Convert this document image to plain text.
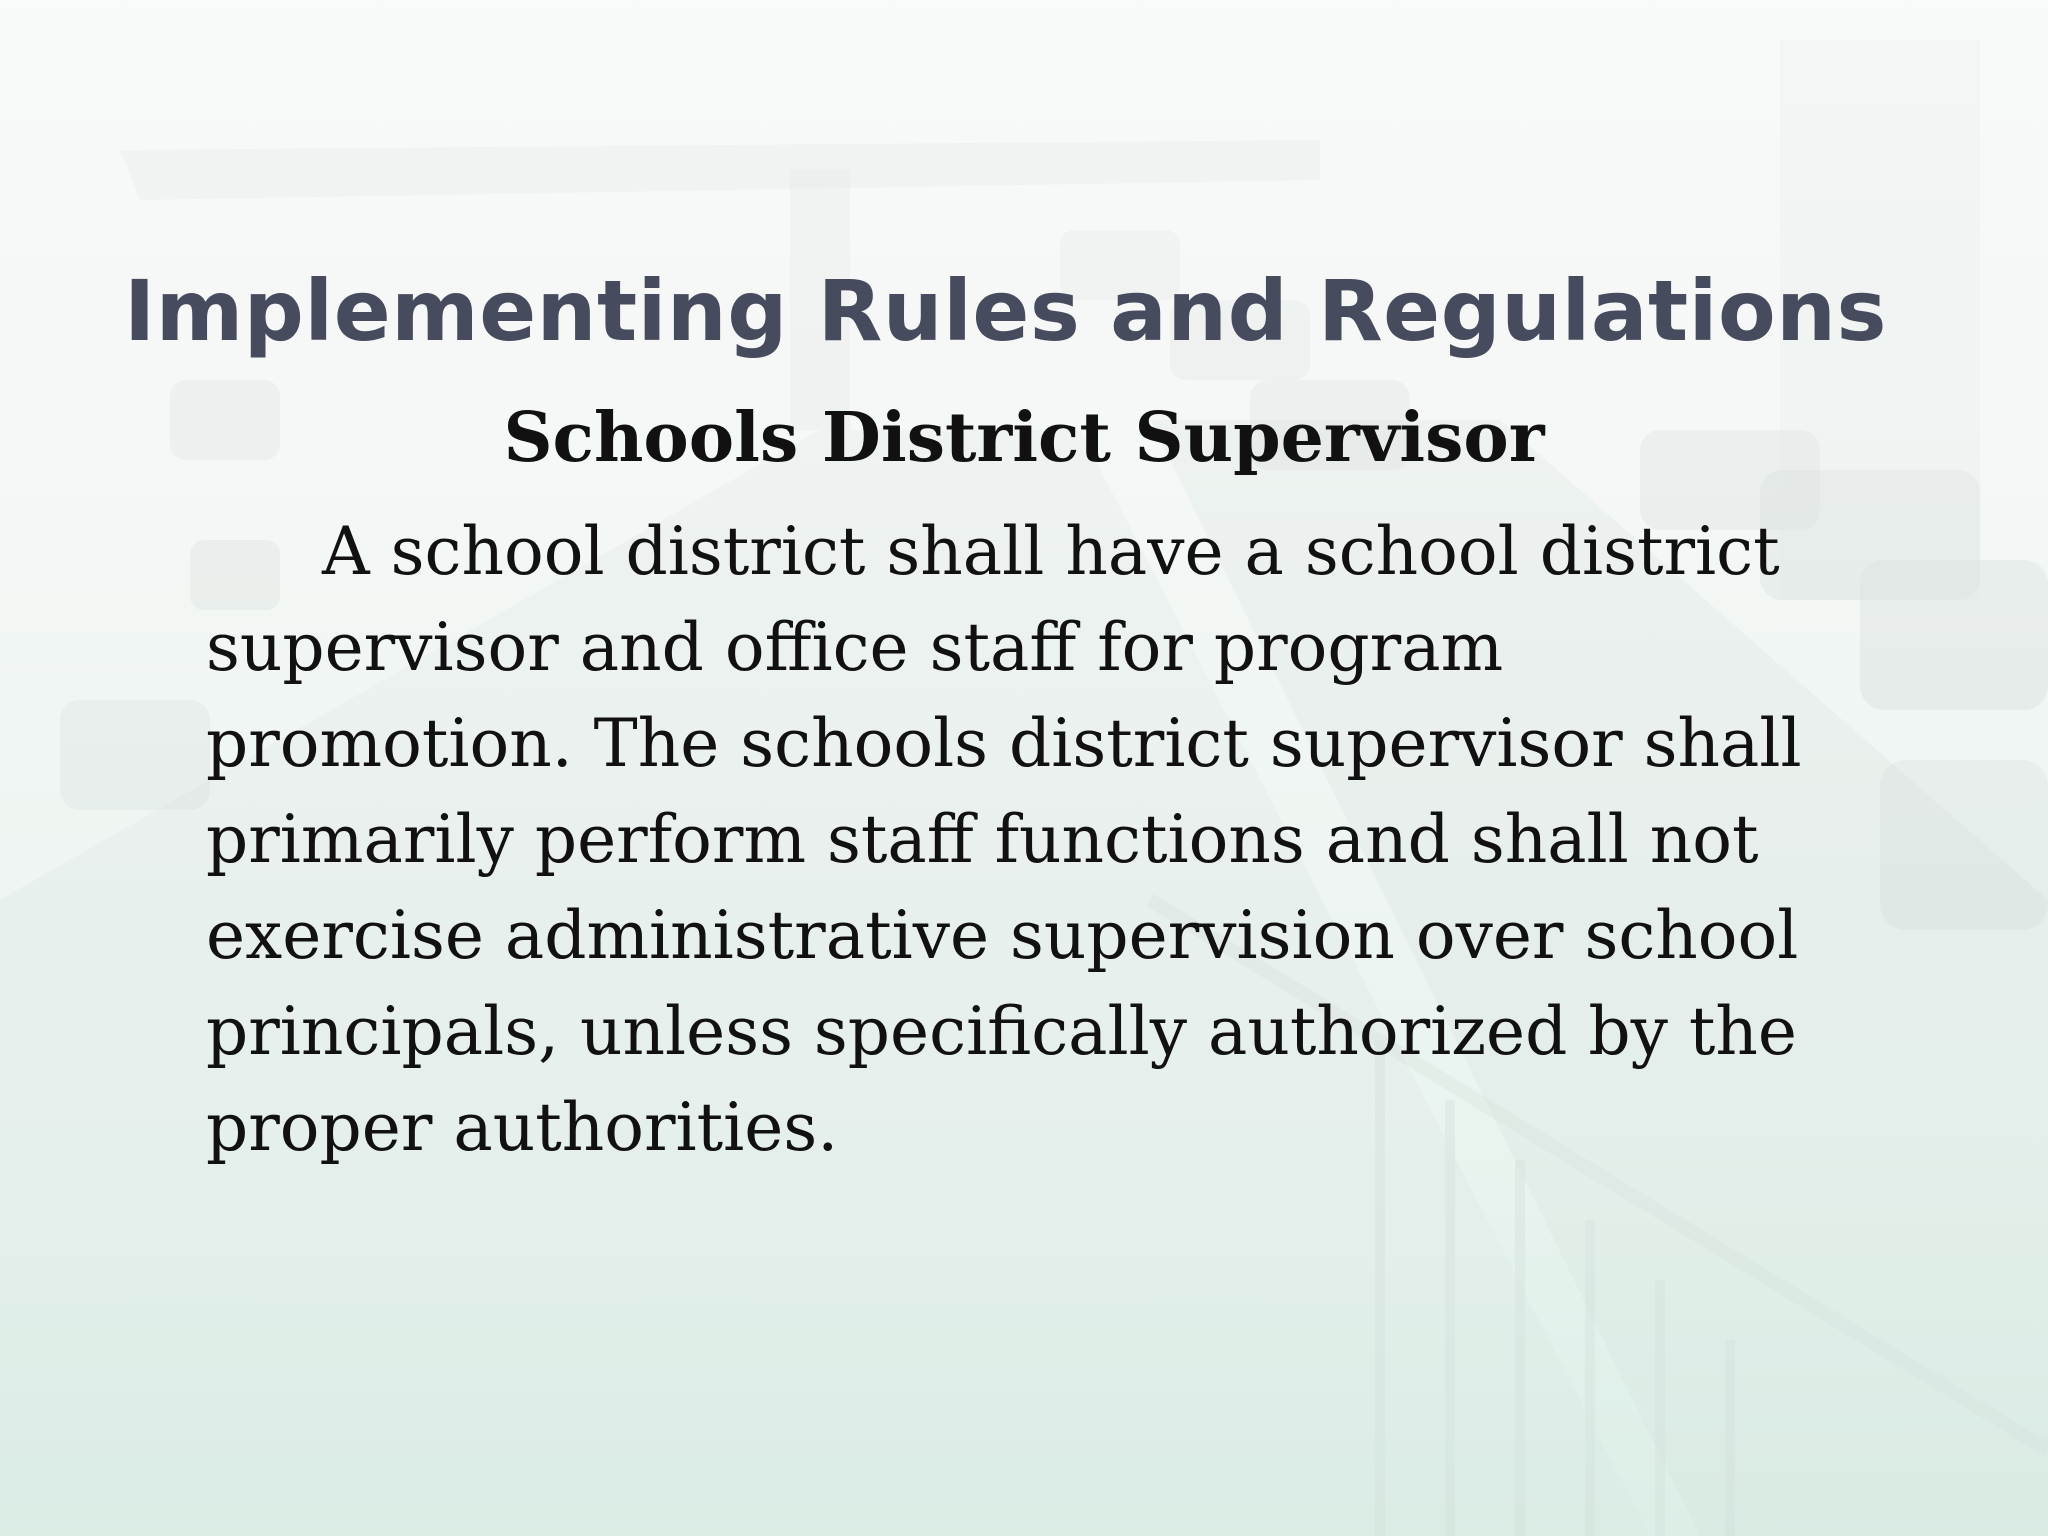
Implementing Rules and Regulations
Schools District Supervisor

A school district shall have a school district
supervisor and office staff for program
promotion. The schools district supervisor shall
primarily perform staff functions and shall not
exercise administrative supervision over school
principals, unless specifically authorized by the
proper authorities.
